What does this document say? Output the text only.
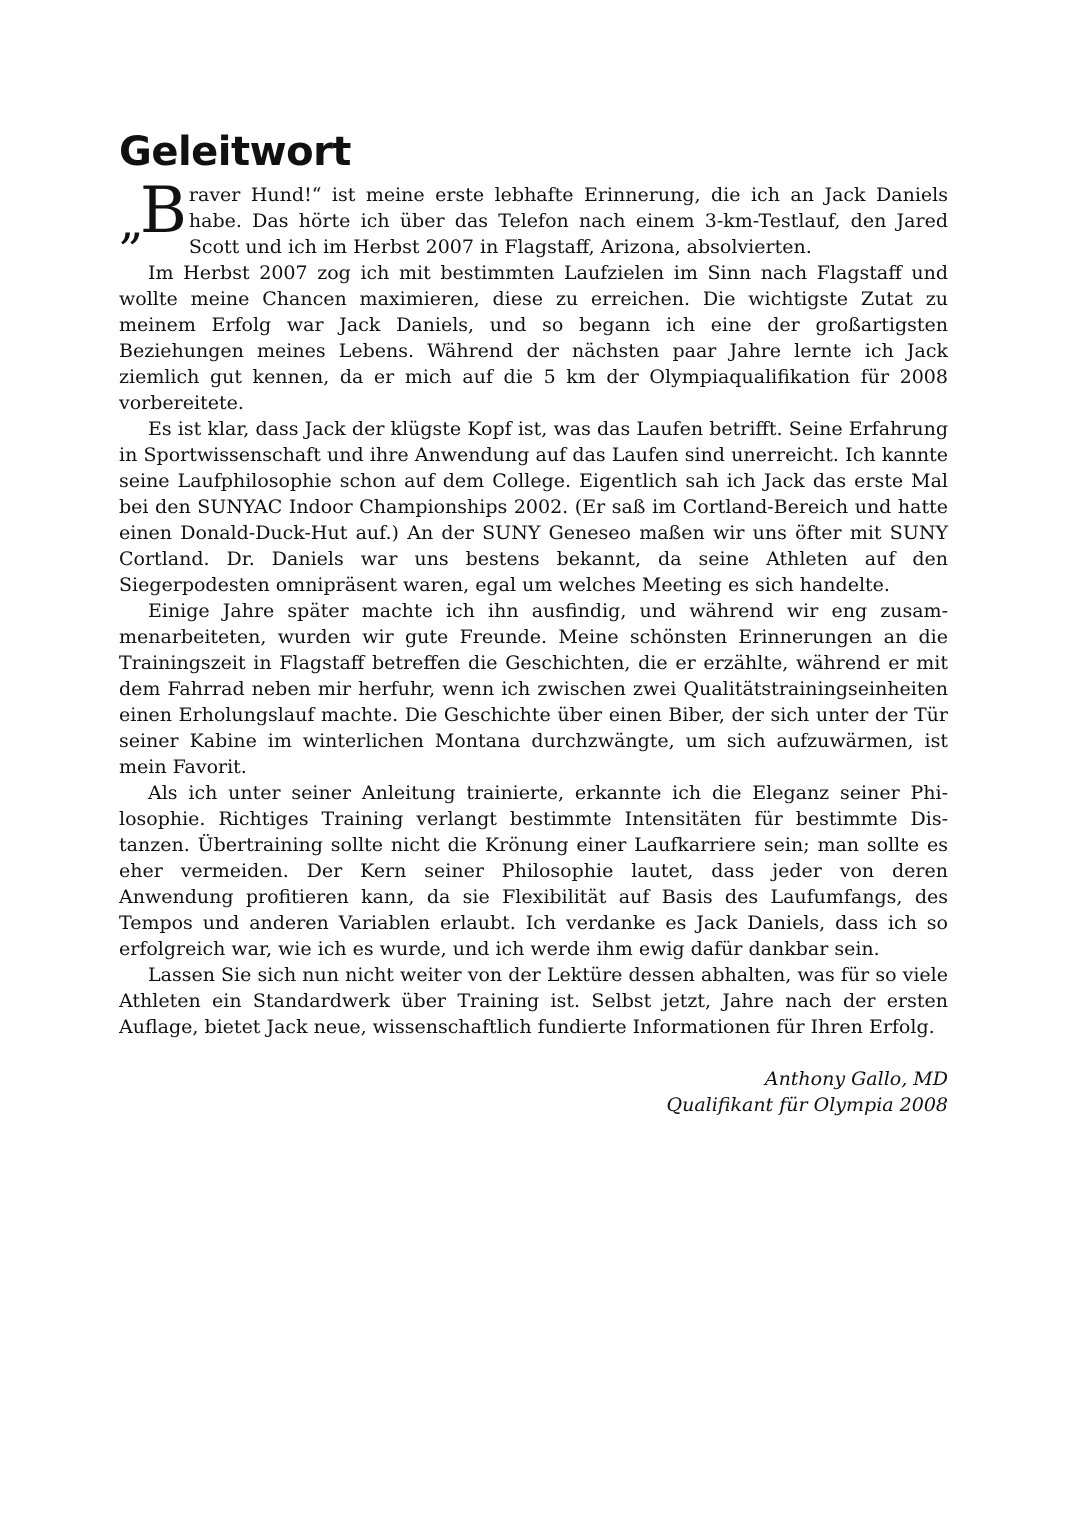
Geleitwort

„B raver Hund!“ ist meine erste lebhafte Erinnerung, die ich an Jack Daniels habe. Das hörte ich über das Telefon nach einem 3-km-Testlauf, den Jared Scott und ich im Herbst 2007 in Flagstaff, Arizona, absolvierten.

Im Herbst 2007 zog ich mit bestimmten Laufzielen im Sinn nach Flagstaff und wollte meine Chancen maximieren, diese zu erreichen. Die wichtigste Zutat zu meinem Erfolg war Jack Daniels, und so begann ich eine der großartigsten Beziehungen meines Lebens. Während der nächsten paar Jahre lernte ich Jack ziemlich gut kennen, da er mich auf die 5 km der Olympiaqualifikation für 2008 vorbereitete.

Es ist klar, dass Jack der klügste Kopf ist, was das Laufen betrifft. Seine Erfahrung in Sportwissenschaft und ihre Anwendung auf das Laufen sind unerreicht. Ich kannte seine Laufphilosophie schon auf dem College. Eigentlich sah ich Jack das erste Mal bei den SUNYAC Indoor Championships 2002. (Er saß im Cortland-Bereich und hatte einen Donald-Duck-Hut auf.) An der SUNY Geneseo maßen wir uns öfter mit SUNY Cortland. Dr. Daniels war uns bestens bekannt, da seine Athleten auf den Siegerpodesten omnipräsent waren, egal um welches Meeting es sich handelte.

Einige Jahre später machte ich ihn ausfindig, und während wir eng zusammenarbeiteten, wurden wir gute Freunde. Meine schönsten Erinnerungen an die Trainingszeit in Flagstaff betreffen die Geschichten, die er erzählte, während er mit dem Fahrrad neben mir herfuhr, wenn ich zwischen zwei Qualitätstrainingseinheiten einen Erholungslauf machte. Die Geschichte über einen Biber, der sich unter der Tür seiner Kabine im winterlichen Montana durchzwängte, um sich aufzuwärmen, ist mein Favorit.

Als ich unter seiner Anleitung trainierte, erkannte ich die Eleganz seiner Philosophie. Richtiges Training verlangt bestimmte Intensitäten für bestimmte Distanzen. Übertraining sollte nicht die Krönung einer Laufkarriere sein; man sollte es eher vermeiden. Der Kern seiner Philosophie lautet, dass jeder von deren Anwendung profitieren kann, da sie Flexibilität auf Basis des Laufumfangs, des Tempos und anderen Variablen erlaubt. Ich verdanke es Jack Daniels, dass ich so erfolgreich war, wie ich es wurde, und ich werde ihm ewig dafür dankbar sein.

Lassen Sie sich nun nicht weiter von der Lektüre dessen abhalten, was für so viele Athleten ein Standardwerk über Training ist. Selbst jetzt, Jahre nach der ersten Auflage, bietet Jack neue, wissenschaftlich fundierte Informationen für Ihren Erfolg.

Anthony Gallo, MD
Qualifikant für Olympia 2008
